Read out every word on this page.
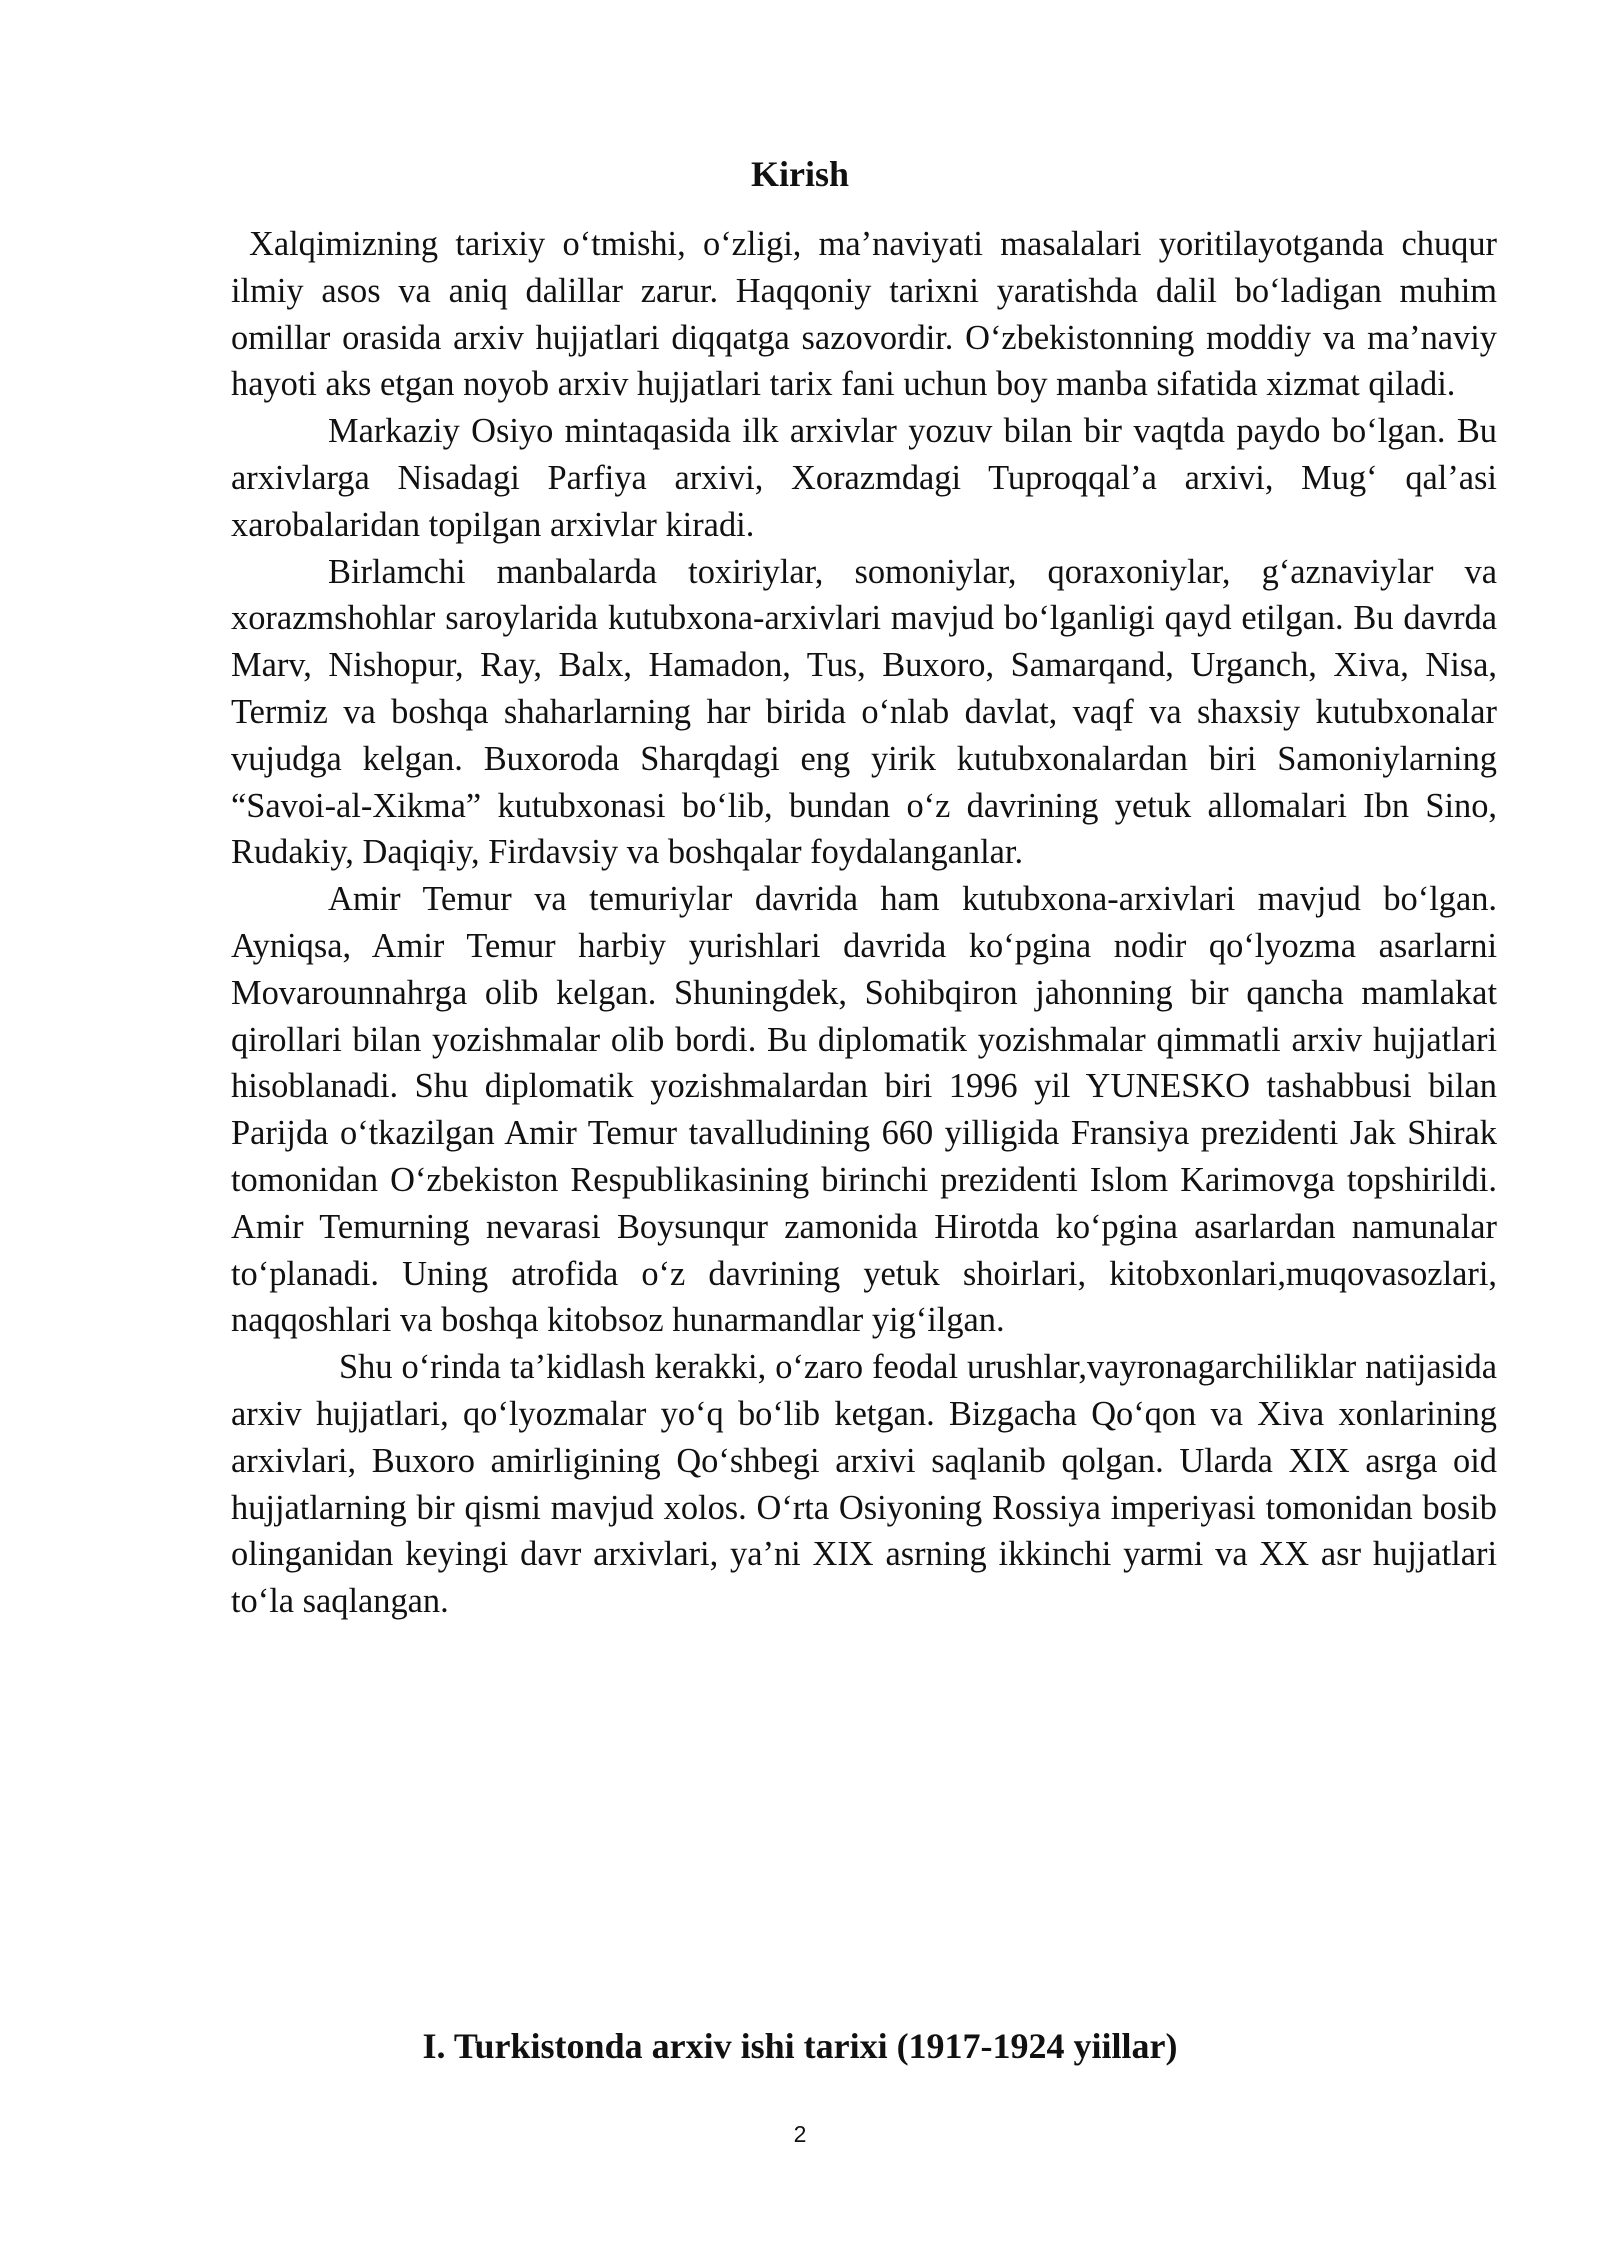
Kirish

Xalqimizning tarixiy o‘tmishi, o‘zligi, ma’naviyati masalalari yoritilayotganda chuqur ilmiy asos va aniq dalillar zarur. Haqqoniy tarixni yaratishda dalil bo‘ladigan muhim omillar orasida arxiv hujjatlari diqqatga sazovordir. O‘zbekistonning moddiy va ma’naviy hayoti aks etgan noyob arxiv hujjatlari tarix fani uchun boy manba sifatida xizmat qiladi.

Markaziy Osiyo mintaqasida ilk arxivlar yozuv bilan bir vaqtda paydo bo‘lgan. Bu arxivlarga Nisadagi Parfiya arxivi, Xorazmdagi Tuproqqal’a arxivi, Mug‘ qal’asi xarobalaridan topilgan arxivlar kiradi.

Birlamchi manbalarda toxiriylar, somoniylar, qoraxoniylar, g‘aznaviylar va xorazmshohlar saroylarida kutubxona-arxivlari mavjud bo‘lganligi qayd etilgan. Bu davrda Marv, Nishopur, Ray, Balx, Hamadon, Tus, Buxoro, Samarqand, Urganch, Xiva, Nisa, Termiz va boshqa shaharlarning har birida o‘nlab davlat, vaqf va shaxsiy kutubxonalar vujudga kelgan. Buxoroda Sharqdagi eng yirik kutubxonalardan biri Samoniylarning “Savoi-al-Xikma” kutubxonasi bo‘lib, bundan o‘z davrining yetuk allomalari Ibn Sino, Rudakiy, Daqiqiy, Firdavsiy va boshqalar foydalanganlar.

Amir Temur va temuriylar davrida ham kutubxona-arxivlari mavjud bo‘lgan. Ayniqsa, Amir Temur harbiy yurishlari davrida ko‘pgina nodir qo‘lyozma asarlarni Movarounnahrga olib kelgan. Shuningdek, Sohibqiron jahonning bir qancha mamlakat qirollari bilan yozishmalar olib bordi. Bu diplomatik yozishmalar qimmatli arxiv hujjatlari hisoblanadi. Shu diplomatik yozishmalardan biri 1996 yil YUNESKO tashabbusi bilan Parijda o‘tkazilgan Amir Temur tavalludining 660 yilligida Fransiya prezidenti Jak Shirak tomonidan O‘zbekiston Respublikasining birinchi prezidenti Islom Karimovga topshirildi. Amir Temurning nevarasi Boysunqur zamonida Hirotda ko‘pgina asarlardan namunalar to‘planadi. Uning atrofida o‘z davrining yetuk shoirlari, kitobxonlari,muqovasozlari, naqqoshlari va boshqa kitobsoz hunarmandlar yig‘ilgan.

Shu o‘rinda ta’kidlash kerakki, o‘zaro feodal urushlar,vayronagarchiliklar natijasida arxiv hujjatlari, qo‘lyozmalar yo‘q bo‘lib ketgan. Bizgacha Qo‘qon va Xiva xonlarining arxivlari, Buxoro amirligining Qo‘shbegi arxivi saqlanib qolgan. Ularda XIX asrga oid hujjatlarning bir qismi mavjud xolos. O‘rta Osiyoning Rossiya imperiyasi tomonidan bosib olinganidan keyingi davr arxivlari, ya’ni XIX asrning ikkinchi yarmi va XX asr hujjatlari to‘la saqlangan.

I. Turkistonda arxiv ishi tarixi (1917-1924 yiillar)
2
